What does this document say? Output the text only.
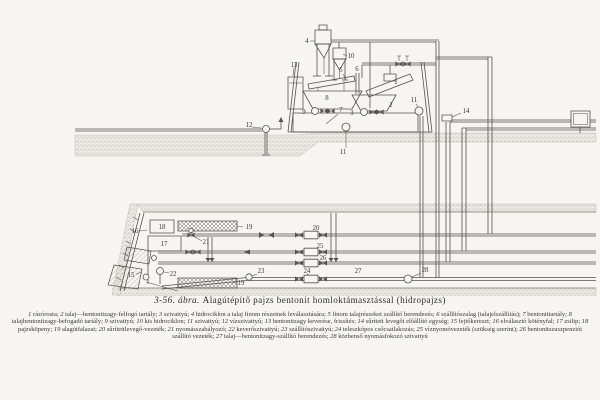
1
2
3
4
5 6
7
8
9
10
11
11
12
13
14
15
16
17
18	19
19
20
21
22	23	24
25
26
27	28
3-56. ábra. Alagútépítő pajzs bentonit homloktámasztással (hidropajzs)
1 rázórosta; 2 talaj—bentonitzagy-felfogó tartály; 3 szivattyú; 4 hidrociklon a talaj finom részeinek leválasztására; 5 finom talajrészeket szállító berendezés; 6 szállítószalag (talajelszállítás); 7 bentonittartály; 8 talajbentonitzagy-befogadó tartály; 9 szivattyú; 10 kis hidrociklon; 11 szivattyú; 12 vízszivattyú; 13 bentonitzagy keverése, frissítés; 14 sűrített levegőt előállító egység; 15 fejtőkereszt; 16 elválasztó kötényfal; 17 zsilip; 18 pajzsköpeny; 19 alagútfalazat; 20 sűrítettlevegő-vezeték; 21 nyomásszabályozó; 22 keverőszivattyú; 23 szállítószivattyú; 24 teleszkópos csőcsatlakozás; 25 víznyomóvezeték (szükség szerint); 26 bentonitszuszpenziót szállító vezeték; 27 talaj—bentonitzagy-szállító berendezés; 28 közbenső nyomásfokozó szivattyú
